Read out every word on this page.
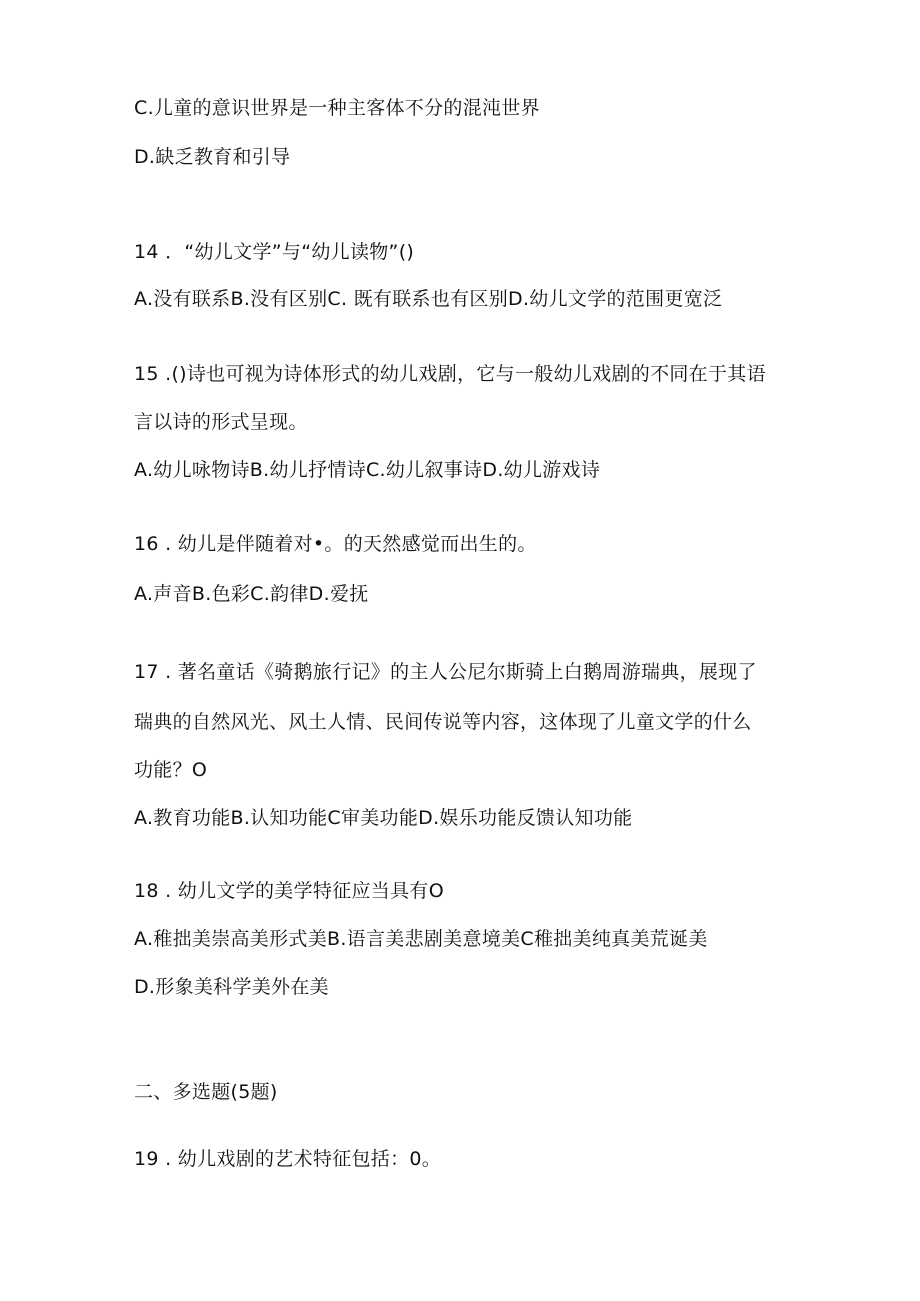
C.儿童的意识世界是一种主客体不分的混沌世界
D.缺乏教育和引导
14 ．“幼儿文学”与“幼儿读物”()
A.没有联系B.没有区别C. 既有联系也有区别D.幼儿文学的范围更宽泛
15 .()诗也可视为诗体形式的幼儿戏剧，它与一般幼儿戏剧的不同在于其语
言以诗的形式呈现。
A.幼儿咏物诗B.幼儿抒情诗C.幼儿叙事诗D.幼儿游戏诗
16 . 幼儿是伴随着对•。的天然感觉而出生的。
A.声音B.色彩C.韵律D.爱抚
17 . 著名童话《骑鹅旅行记》的主人公尼尔斯骑上白鹅周游瑞典，展现了
瑞典的自然风光、风土人情、民间传说等内容，这体现了儿童文学的什么
功能？O
A.教育功能B.认知功能C审美功能D.娱乐功能反馈认知功能
18 . 幼儿文学的美学特征应当具有O
A.稚拙美崇高美形式美B.语言美悲剧美意境美C稚拙美纯真美荒诞美
D.形象美科学美外在美
二、多选题(5题)
19 . 幼儿戏剧的艺术特征包括：0。
